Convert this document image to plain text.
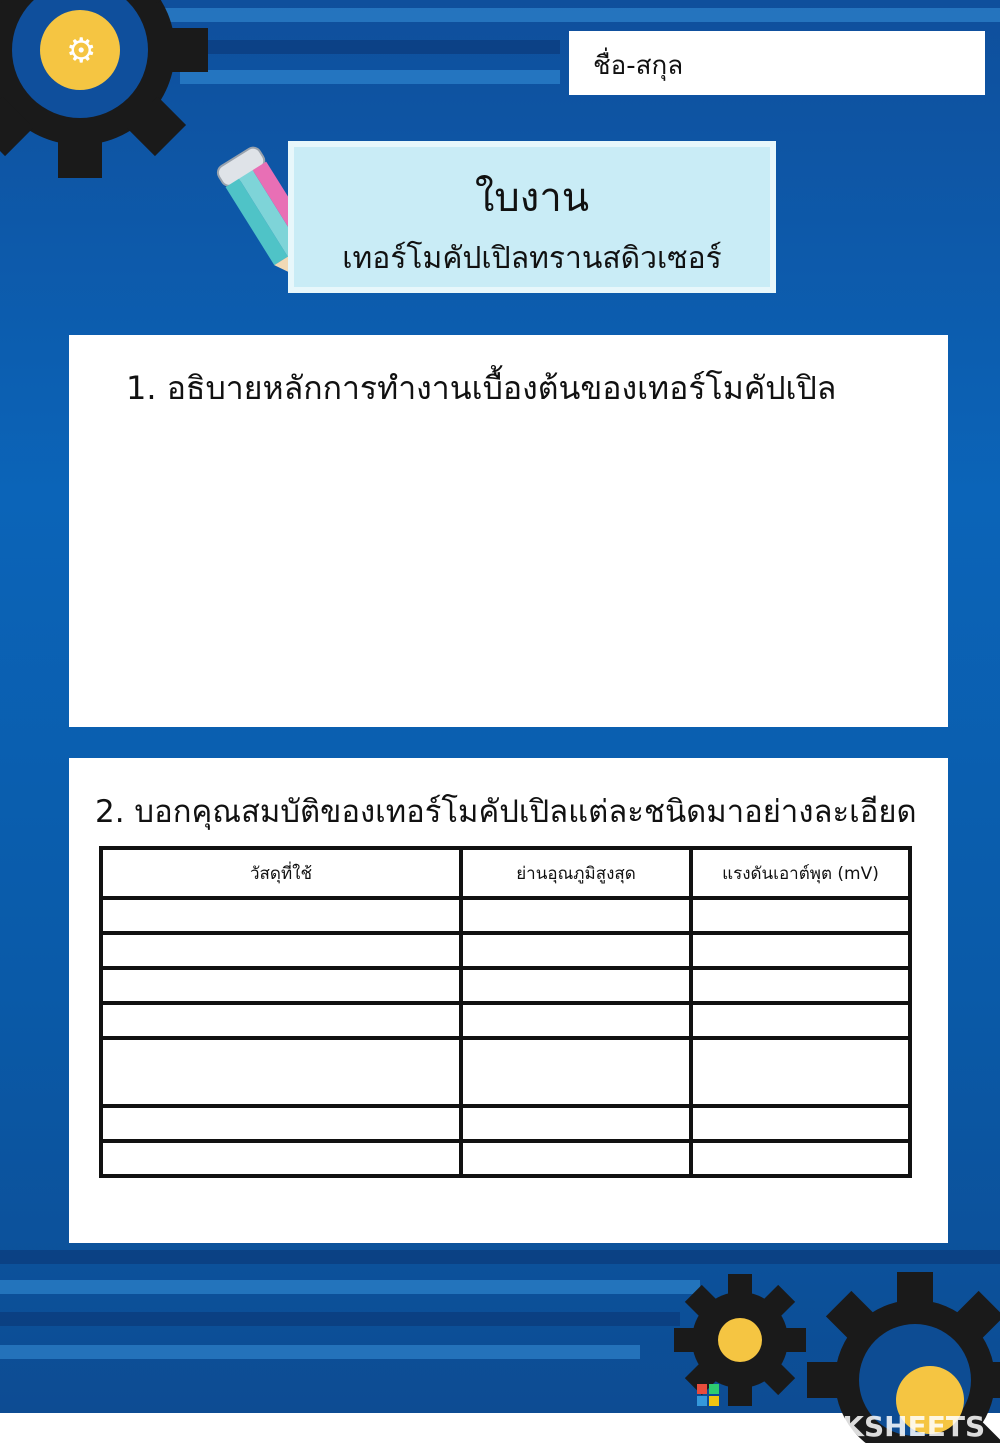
⚙	ชื่อ-สกุล
ใบงาน
เทอร์โมคัปเปิลทรานสดิวเซอร์
1. อธิบายหลักการทำงานเบื้องต้นของเทอร์โมคัปเปิล
2. บอกคุณสมบัติของเทอร์โมคัปเปิลแต่ละชนิดมาอย่างละเอียด
วัสดุที่ใช้	ย่านอุณภูมิสูงสุด	แรงดันเอาต์พุต (mV)

LIVEWORKSHEETS
